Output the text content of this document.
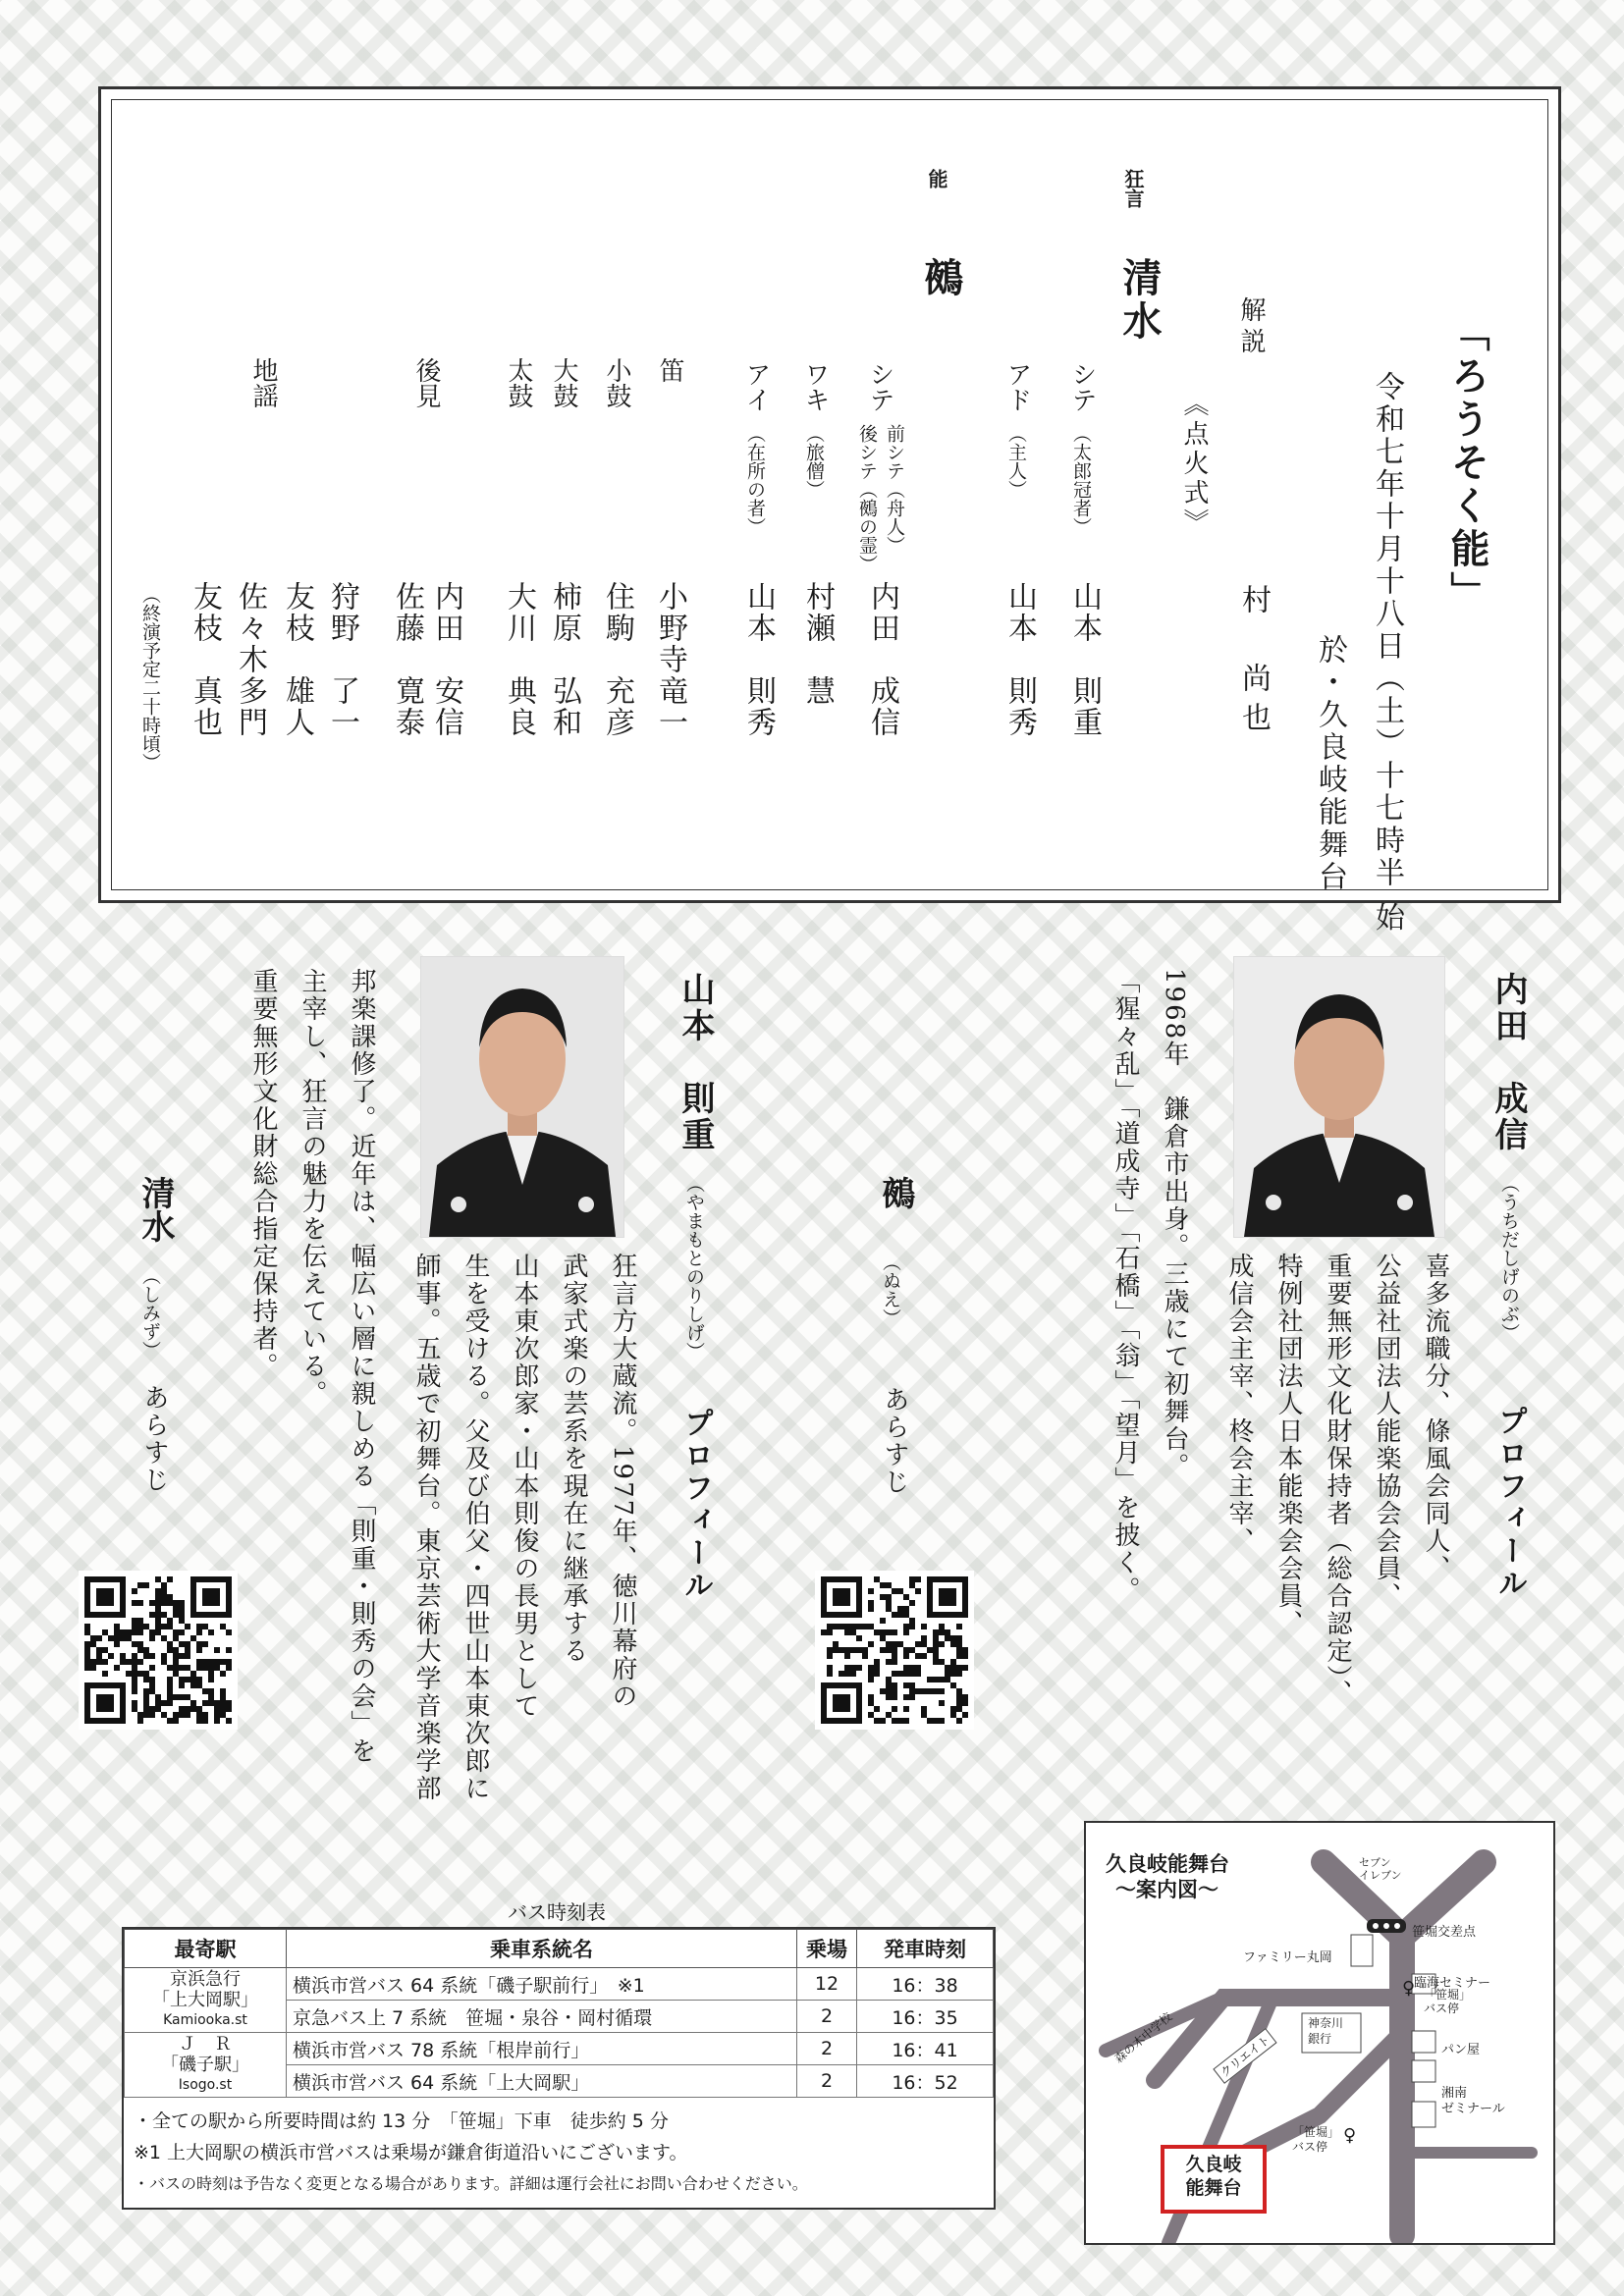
「ろうそく能」
令和七年十月十八日（土）十七時半 始
於・久良岐能舞台
解説
村　尚也
《点火式》
狂言
清水
能
鵺
シテ
（太郎冠者）
山本　則重
アド
（主人）
山本　則秀
シテ
前シテ（舟人）
後シテ（鵺の霊）
内田　成信
ワキ
（旅僧）
村瀬　慧
アイ
（在所の者）
山本　則秀
笛
小野寺竜一
小鼓
住駒　充彦
大鼓
柿原　弘和
太鼓
大川　典良
後見
内田　安信
佐藤　寛泰
地謡
狩野　了一
友枝　雄人
佐々木多門
友枝　真也
（終演予定二十時頃）
内田　成信
（うちだしげのぶ）
プロフィール
喜多流職分、條風会同人、
公益社団法人能楽協会会員、
重要無形文化財保持者（総合認定）、
特例社団法人日本能楽会会員、
成信会主宰、柊会主宰、
1968年　鎌倉市出身。三歳にて初舞台。
「猩々乱」「道成寺」「石橋」「翁」「望月」を披く。
鵺
（ぬえ）
あらすじ
山本　則重
（やまもとのりしげ）
プロフィール
狂言方大蔵流。1977年、徳川幕府の
武家式楽の芸系を現在に継承する
山本東次郎家・山本則俊の長男として
生を受ける。父及び伯父・四世山本東次郎に
師事。五歳で初舞台。東京芸術大学音楽学部
邦楽課修了。近年は、幅広い層に親しめる「則重・則秀の会」を
主宰し、狂言の魅力を伝えている。
重要無形文化財総合指定保持者。
清水
（しみず）
あらすじ
バス時刻表
最寄駅	乗車系統名	乗場	発車時刻

京浜急行
「上大岡駅」
Kamiooka.st	横浜市営バス 64 系統「磯子駅前行」　※1	12	16：38
	京急バス上 7 系統　笹堀・泉谷・岡村循環	2	16：35

Ｊ　Ｒ
「磯子駅」
Isogo.st	横浜市営バス 78 系統「根岸前行」	2	16：41
	横浜市営バス 64 系統「上大岡駅」	2	16：52
・全ての駅から所要時間は約 13 分　「笹堀」下車　徒歩約 5 分
※1 上大岡駅の横浜市営バスは乗場が鎌倉街道沿いにございます。
・バスの時刻は予告なく変更となる場合があります。詳細は運行会社にお問い合わせください。
久良岐能舞台
〜案内図〜
セブン
イレブン
笹堀交差点
ファミリー丸岡
臨海セミナー
「笹堀」
バス停
神奈川
銀行
パン屋
湘南
ゼミナール
森の木中学校	クリエイト
「笹堀」
バス停
♀
♀
久良岐
能舞台
